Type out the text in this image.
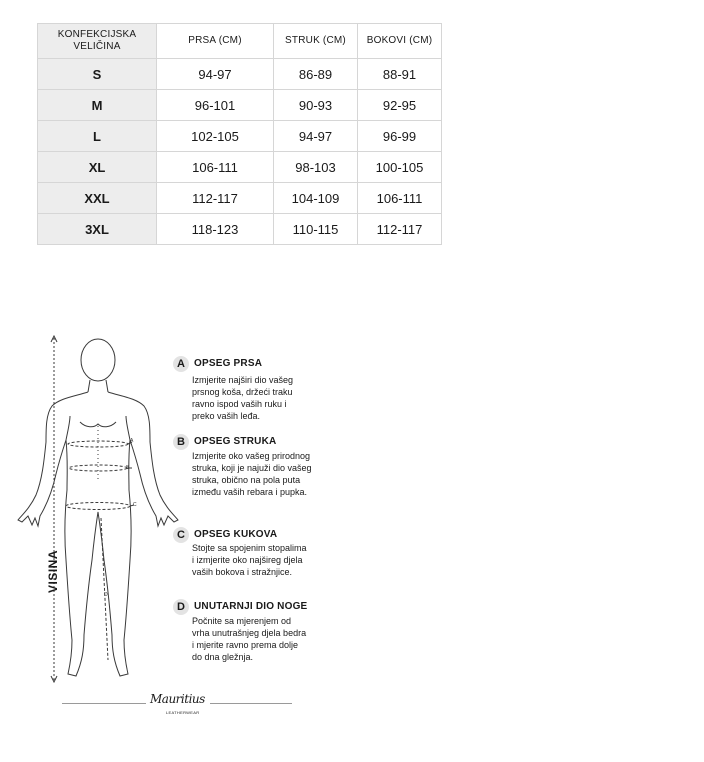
KONFEKCIJSKA
VELIČINA	PRSA (CM)	STRUK (CM)	BOKOVI (CM)
S	94-97	86-89	88-91
M	96-101	90-93	92-95
L	102-105	94-97	96-99
XL	106-111	98-103	100-105
XXL	112-117	104-109	106-111
3XL	118-123	110-115	112-117
A
B
C
D
VISINA
A OPSEG PRSA
Izmjerite najširi dio vašeg
prsnog koša, držeći traku
ravno ispod vaših ruku i
preko vaših leđa.
B OPSEG STRUKA
Izmjerite oko vašeg prirodnog
struka, koji je najuži dio vašeg
struka, obično na pola puta
između vaših rebara i pupka.
C OPSEG KUKOVA
Stojte sa spojenim stopalima
i izmjerite oko najšireg djela
vaših bokova i stražnjice.
D UNUTARNJI DIO NOGE
Počnite sa mjerenjem od
vrha unutrašnjeg djela bedra
i mjerite ravno prema dolje
do dna gležnja.
Mauritius
LEATHERWEAR
